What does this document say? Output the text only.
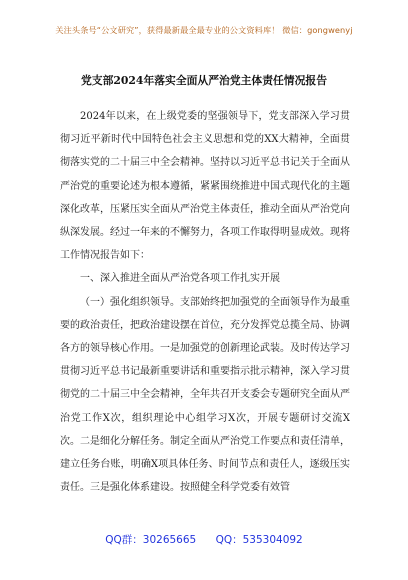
关注头条号“公文研究”，获得最新最全最专业的公文资料库！ 微信：gongwenyj
党支部2024年落实全面从严治党主体责任情况报告

2024年以来，在上级党委的坚强领导下，党支部深入学习贯彻习近平新时代中国特色社会主义思想和党的XX大精神，全面贯彻落实党的二十届三中全会精神。坚持以习近平总书记关于全面从严治党的重要论述为根本遵循，紧紧围绕推进中国式现代化的主题深化改革，压紧压实全面从严治党主体责任，推动全面从严治党向纵深发展。经过一年来的不懈努力，各项工作取得明显成效。现将工作情况报告如下：

一、深入推进全面从严治党各项工作扎实开展

（一）强化组织领导。支部始终把加强党的全面领导作为最重要的政治责任，把政治建设摆在首位，充分发挥党总揽全局、协调各方的领导核心作用。一是加强党的创新理论武装。及时传达学习贯彻习近平总书记最新重要讲话和重要指示批示精神，深入学习贯彻党的二十届三中全会精神，全年共召开支委会专题研究全面从严治党工作X次，组织理论中心组学习X次，开展专题研讨交流X次。二是细化分解任务。制定全面从严治党工作要点和责任清单，建立任务台账，明确X项具体任务、时间节点和责任人，逐级压实责任。三是强化体系建设。按照健全科学党委有效管

QQ群：30265665 QQ：535304092
